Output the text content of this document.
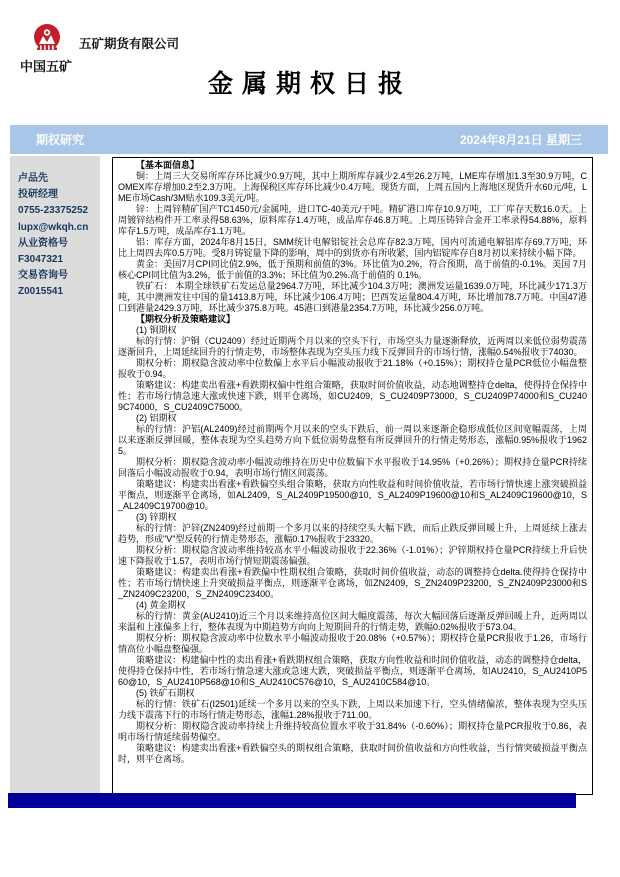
中国五矿
五矿期货有限公司
金属期权日报
期权研究	2024年8月21日 星期三
卢品先
投研经理
0755-23375252
lupx@wkqh.cn
从业资格号
F3047321
交易咨询号
Z0015541

【基本面信息】

铜：上周三大交易所库存环比减少0.9万吨，其中上期所库存减少2.4至26.2万吨，LME库存增加1.3至30.9万吨，COMEX库存增加0.2至2.3万吨。上海保税区库存环比减少0.4万吨。现货方面，上周五国内上海地区现货升水60元/吨，LME市场Cash/3M贴水109.3美元/吨。

锌：上周锌精矿国产TC1450元/金属吨，进口TC-40美元/干吨。精矿港口库存10.9万吨，工厂库存天数16.0天。上周镀锌结构件开工率录得58.63%，原料库存1.4万吨，成品库存46.8万吨。上周压铸锌合金开工率录得54.88%，原料库存1.5万吨，成品库存1.1万吨。

铝：库存方面，2024年8月15日，SMM统计电解铝锭社会总库存82.3万吨，国内可流通电解铝库存69.7万吨，环比上周四去库0.5万吨。受8月铸锭量下降的影响，周中的到货亦有所收紧，国内铝锭库存自8月初以来持续小幅下降。

黄金：美国7月CPI同比值2.9%，低于预期和前值的3%。环比值为0.2%，符合预期，高于前值的-0.1%。美国 7月核心CPI同比值为3.2%，低于前值的3.3%；环比值为0.2%.高于前值的 0.1%。

铁矿石： 本期全球铁矿石发运总量2964.7万吨，环比减少104.3万吨；澳洲发运量1639.0万吨，环比减少171.3万吨，其中澳洲发往中国的量1413.8万吨，环比减少106.4万吨；巴西发运量804.4万吨，环比增加78.7万吨。中国47港口到港量2429.3万吨，环比减少375.8万吨。45港口到港量2354.7万吨，环比减少256.0万吨。

【期权分析及策略建议】

(1) 铜期权

标的行情：沪铜（CU2409）经过近期两个月以来的空头下行，市场空头力量逐渐释放，近两周以来低位弱势震荡逐渐回升，上周延续回升的行情走势，市场整体表现为空头压力线下反弹回升的市场行情，涨幅0.54%报收于74030。

期权分析：期权隐含波动率中位数偏上水平后小幅波动报收于21.18%（+0.15%）；期权持仓量PCR低位小幅盘整报收于0.94。

策略建议：构建卖出看涨+看跌期权偏中性组合策略，获取时间价值收益，动态地调整持仓delta，使得持仓保持中性；若市场行情急速大涨或快速下跌，则平仓离场，如CU2409，S_CU2409P73000，S_CU2409P74000和S_CU2409C74000，S_CU2409C75000。

(2) 铝期权

标的行情：沪铝(AL2409)经过前期两个月以来的空头下跌后，前一周以来逐渐企稳形成低位区间宽幅震荡，上周以来逐渐反弹回暖，整体表现为空头趋势方向下低位弱势盘整有所反弹回升的行情走势形态，涨幅0.95%报收于19625。

期权分析：期权隐含波动率小幅波动维持在历史中位数偏下水平报收于14.95%（+0.26%）；期权持仓量PCR持续回落后小幅波动报收于0.94，表明市场行情区间震荡。

策略建议：构建卖出看涨+看跌偏空头组合策略，获取方向性收益和时间价值收益，若市场行情快速上涨突破损益平衡点，则逐渐平仓离场，如AL2409，S_AL2409P19500@10，S_AL2409P19600@10和S_AL2409C19600@10，S_AL2409C19700@10。

(3) 锌期权

标的行情：沪锌(ZN2409)经过前期一个多月以来的持续空头大幅下跌，而后止跌反弹回暖上升，上周延续上涨去趋势，形成"V"型反转的行情走势形态，涨幅0.17%报收于23320。

期权分析：期权隐含波动率维持较高水平小幅波动报收于22.36%（-1.01%）；沪锌期权持仓量PCR持续上升后快速下降报收于1.57，表明市场行情短期震荡偏强。

策略建议：构建卖出看涨+看跌偏中性期权组合策略，获取时间价值收益，动态的调整持仓delta.使得持仓保持中性；若市场行情快速上升突破损益平衡点，则逐渐平仓离场，如ZN2409，S_ZN2409P23200，S_ZN2409P23000和S_ZN2409C23200，S_ZN2409C23400。

(4) 黄金期权

标的行情：黄金(AU2410)近三个月以来维持高位区间大幅度震荡，每次大幅回落后逐渐反弹回暖上升，近两周以来温和上涨偏多上行，整体表现为中期趋势方向向上短期回升的行情走势，跌幅0.02%报收于573.04。

期权分析：期权隐含波动率中位数水平小幅波动报收于20.08%（+0.57%）；期权持仓量PCR报收于1.26，市场行情高位小幅盘整偏强。

策略建议：构建偏中性的卖出看涨+看跌期权组合策略，获取方向性收益和时间价值收益，动态的调整持仓delta，使得持仓保持中性，若市场行情急速大涨或急速大跌，突破损益平衡点，则逐渐平仓离场，如AU2410，S_AU2410P560@10，S_AU2410P568@10和S_AU2410C576@10，S_AU2410C584@10。

(5) 铁矿石期权

标的行情：铁矿石(I2501)延续一个多月以来的空头下跌，上周以来加速下行，空头情绪偏浓，整体表现为空头压力线下震荡下行的市场行情走势形态，涨幅1.28%报收于711.00。

期权分析：期权隐含波动率持续上升维持较高位置水平收于31.84%（-0.60%）；期权持仓量PCR报收于0.86，表明市场行情延续弱势偏空。

策略建议：构建卖出看涨+看跌偏空头的期权组合策略，获取时间价值收益和方向性收益，当行情突破损益平衡点时，则平仓离场。
